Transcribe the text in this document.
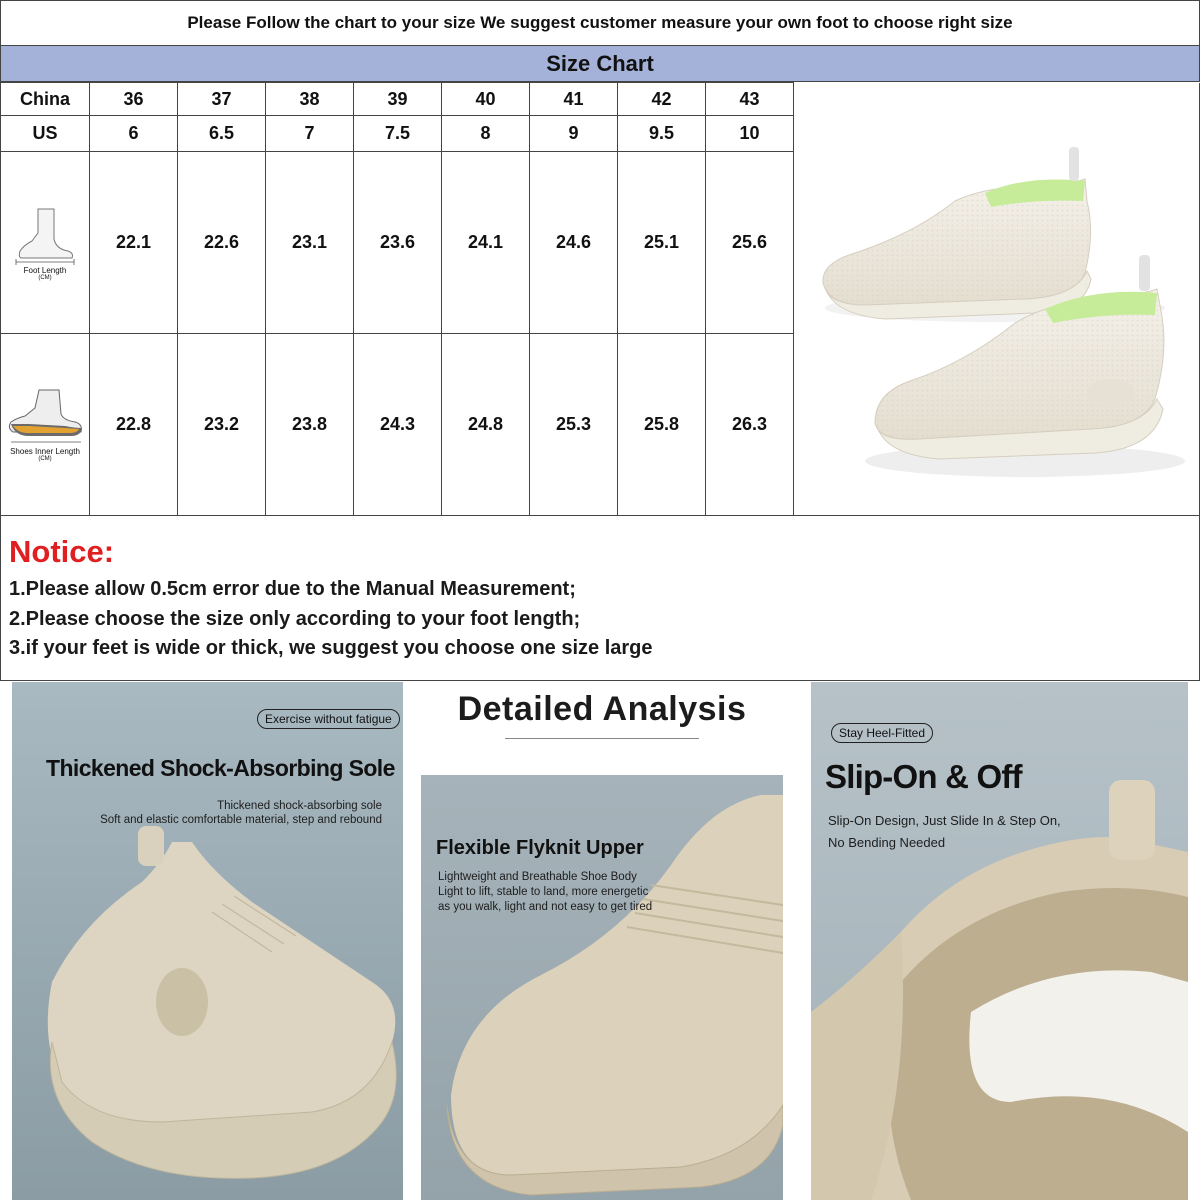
Please Follow the chart to your size We suggest customer measure your own foot to choose right size
Size Chart
China	36	37	38	39	40	41	42	43
US	6	6.5	7	7.5	8	9	9.5	10

Foot Length
(CM)	22.1	22.6	23.1	23.6	24.1	24.6	25.1	25.6

Shoes Inner Length
(CM)	22.8	23.2	23.8	24.3	24.8	25.3	25.8	26.3
Notice:
1.Please allow 0.5cm error due to the Manual Measurement;
2.Please choose the size only according to your foot length;
3.if your feet is wide or thick, we suggest you choose one size large
Exercise without fatigue
Thickened Shock-Absorbing Sole
Thickened shock-absorbing sole
Soft and elastic comfortable material, step and rebound
Detailed Analysis
Flexible Flyknit Upper
Lightweight and Breathable Shoe Body
Light to lift, stable to land, more energetic
as you walk, light and not easy to get tired
Stay Heel-Fitted
Slip-On & Off
Slip-On Design, Just Slide In & Step On,
No Bending Needed
